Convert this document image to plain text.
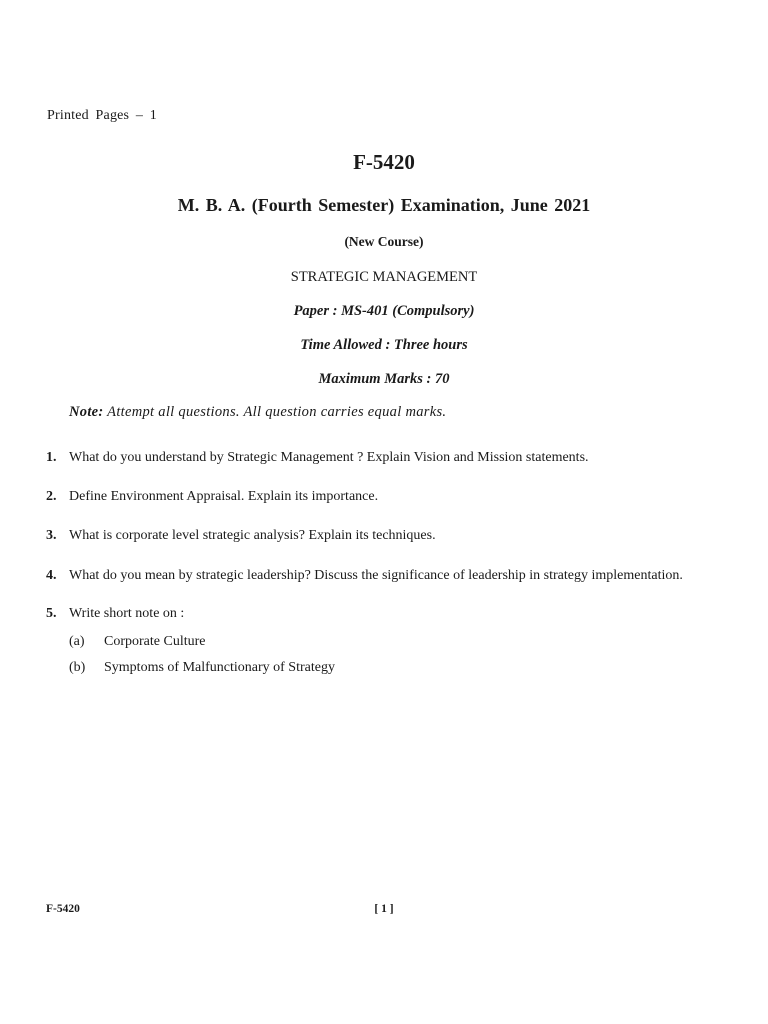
Printed Pages – 1
F-5420
M. B. A. (Fourth Semester) Examination, June 2021
(New Course)
STRATEGIC MANAGEMENT
Paper : MS-401 (Compulsory)
Time Allowed : Three hours
Maximum Marks : 70
Note: Attempt all questions. All question carries equal marks.
1. What do you understand by Strategic Management ? Explain Vision and Mission statements.
2. Define Environment Appraisal. Explain its importance.
3. What is corporate level strategic analysis? Explain its techniques.
4. What do you mean by strategic leadership? Discuss the significance of leadership in strategy implementation.
5. Write short note on :
(a)	Corporate Culture
(b)	Symptoms of Malfunctionary of Strategy
F-5420	[ 1 ]
